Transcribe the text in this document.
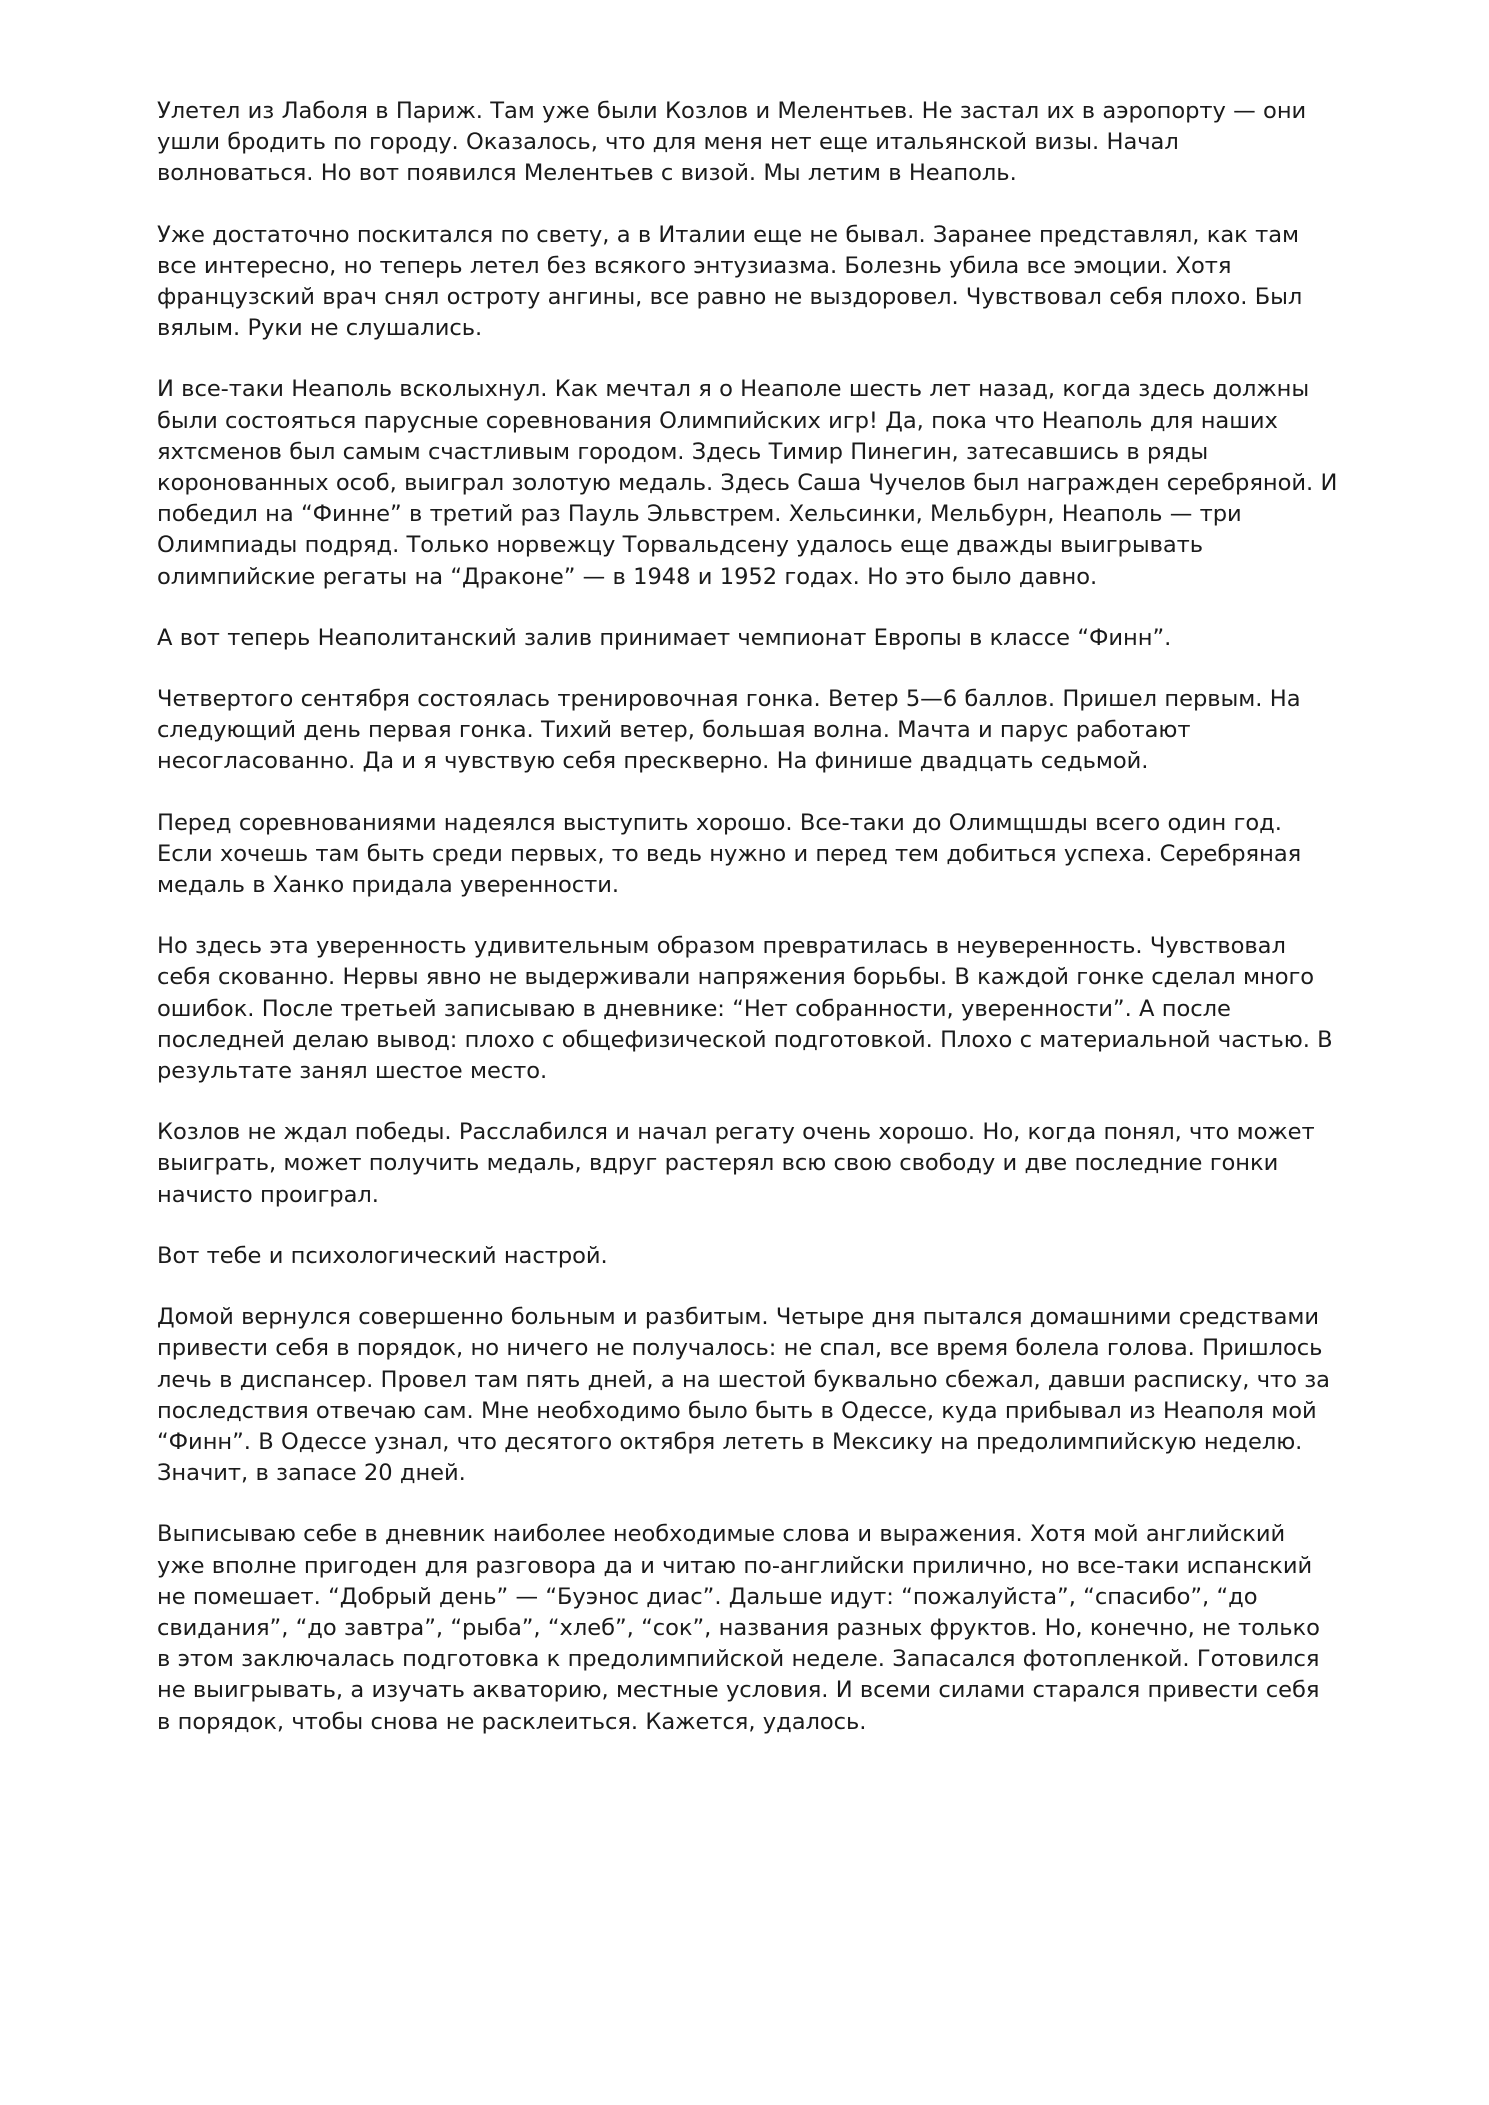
Улетел из Лаболя в Париж. Там уже были Козлов и Мелентьев. Не застал их в аэропорту — они ушли бродить по городу. Оказалось, что для меня нет еще итальянской визы. Начал волноваться. Но вот появился Мелентьев с визой. Мы летим в Неаполь.

Уже достаточно поскитался по свету, а в Италии еще не бывал. Заранее представлял, как там все интересно, но теперь летел без всякого энтузиазма. Болезнь убила все эмоции. Хотя французский врач снял остроту ангины, все равно не выздоровел. Чувствовал себя плохо. Был вялым. Руки не слушались.

И все-таки Неаполь всколыхнул. Как мечтал я о Неаполе шесть лет назад, когда здесь должны были состояться парусные соревнования Олимпийских игр! Да, пока что Неаполь для наших яхтсменов был самым счастливым городом. Здесь Тимир Пинегин, затесавшись в ряды коронованных особ, выиграл золотую медаль. Здесь Саша Чучелов был награжден серебряной. И победил на “Финне” в третий раз Пауль Эльвстрем. Хельсинки, Мельбурн, Неаполь — три Олимпиады подряд. Только норвежцу Торвальдсену удалось еще дважды выигрывать олимпийские регаты на “Драконе” — в 1948 и 1952 годах. Но это было давно.

А вот теперь Неаполитанский залив принимает чемпионат Европы в классе “Финн”.

Четвертого сентября состоялась тренировочная гонка. Ветер 5—6 баллов. Пришел первым. На следующий день первая гонка. Тихий ветер, большая волна. Мачта и парус работают несогласованно. Да и я чувствую себя прескверно. На финише двадцать седьмой.

Перед соревнованиями надеялся выступить хорошо. Все-таки до Олимщшды всего один год. Если хочешь там быть среди первых, то ведь нужно и перед тем добиться успеха. Серебряная медаль в Ханко придала уверенности.

Но здесь эта уверенность удивительным образом превратилась в неуверенность. Чувствовал себя скованно. Нервы явно не выдерживали напряжения борьбы. В каждой гонке сделал много ошибок. После третьей записываю в дневнике: “Нет собранности, уверенности”. А после последней делаю вывод: плохо с общефизической подготовкой. Плохо с материальной частью. В результате занял шестое место.

Козлов не ждал победы. Расслабился и начал регату очень хорошо. Но, когда понял, что может выиграть, может получить медаль, вдруг растерял всю свою свободу и две последние гонки начисто проиграл.

Вот тебе и психологический настрой.

Домой вернулся совершенно больным и разбитым. Четыре дня пытался домашними средствами привести себя в порядок, но ничего не получалось: не спал, все время болела голова. Пришлось лечь в диспансер. Провел там пять дней, а на шестой буквально сбежал, давши расписку, что за последствия отвечаю сам. Мне необходимо было быть в Одессе, куда прибывал из Неаполя мой “Финн”. В Одессе узнал, что десятого октября лететь в Мексику на предолимпийскую неделю. Значит, в запасе 20 дней.

Выписываю себе в дневник наиболее необходимые слова и выражения. Хотя мой английский уже вполне пригоден для разговора да и читаю по-английски прилично, но все-таки испанский не помешает. “Добрый день” — “Буэнос диас”. Дальше идут: “пожалуйста”, “спасибо”, “до свидания”, “до завтра”, “рыба”, “хлеб”, “сок”, названия разных фруктов. Но, конечно, не только в этом заключалась подготовка к предолимпийской неделе. Запасался фотопленкой. Готовился не выигрывать, а изучать акваторию, местные условия. И всеми силами старался привести себя в порядок, чтобы снова не расклеиться. Кажется, удалось.
